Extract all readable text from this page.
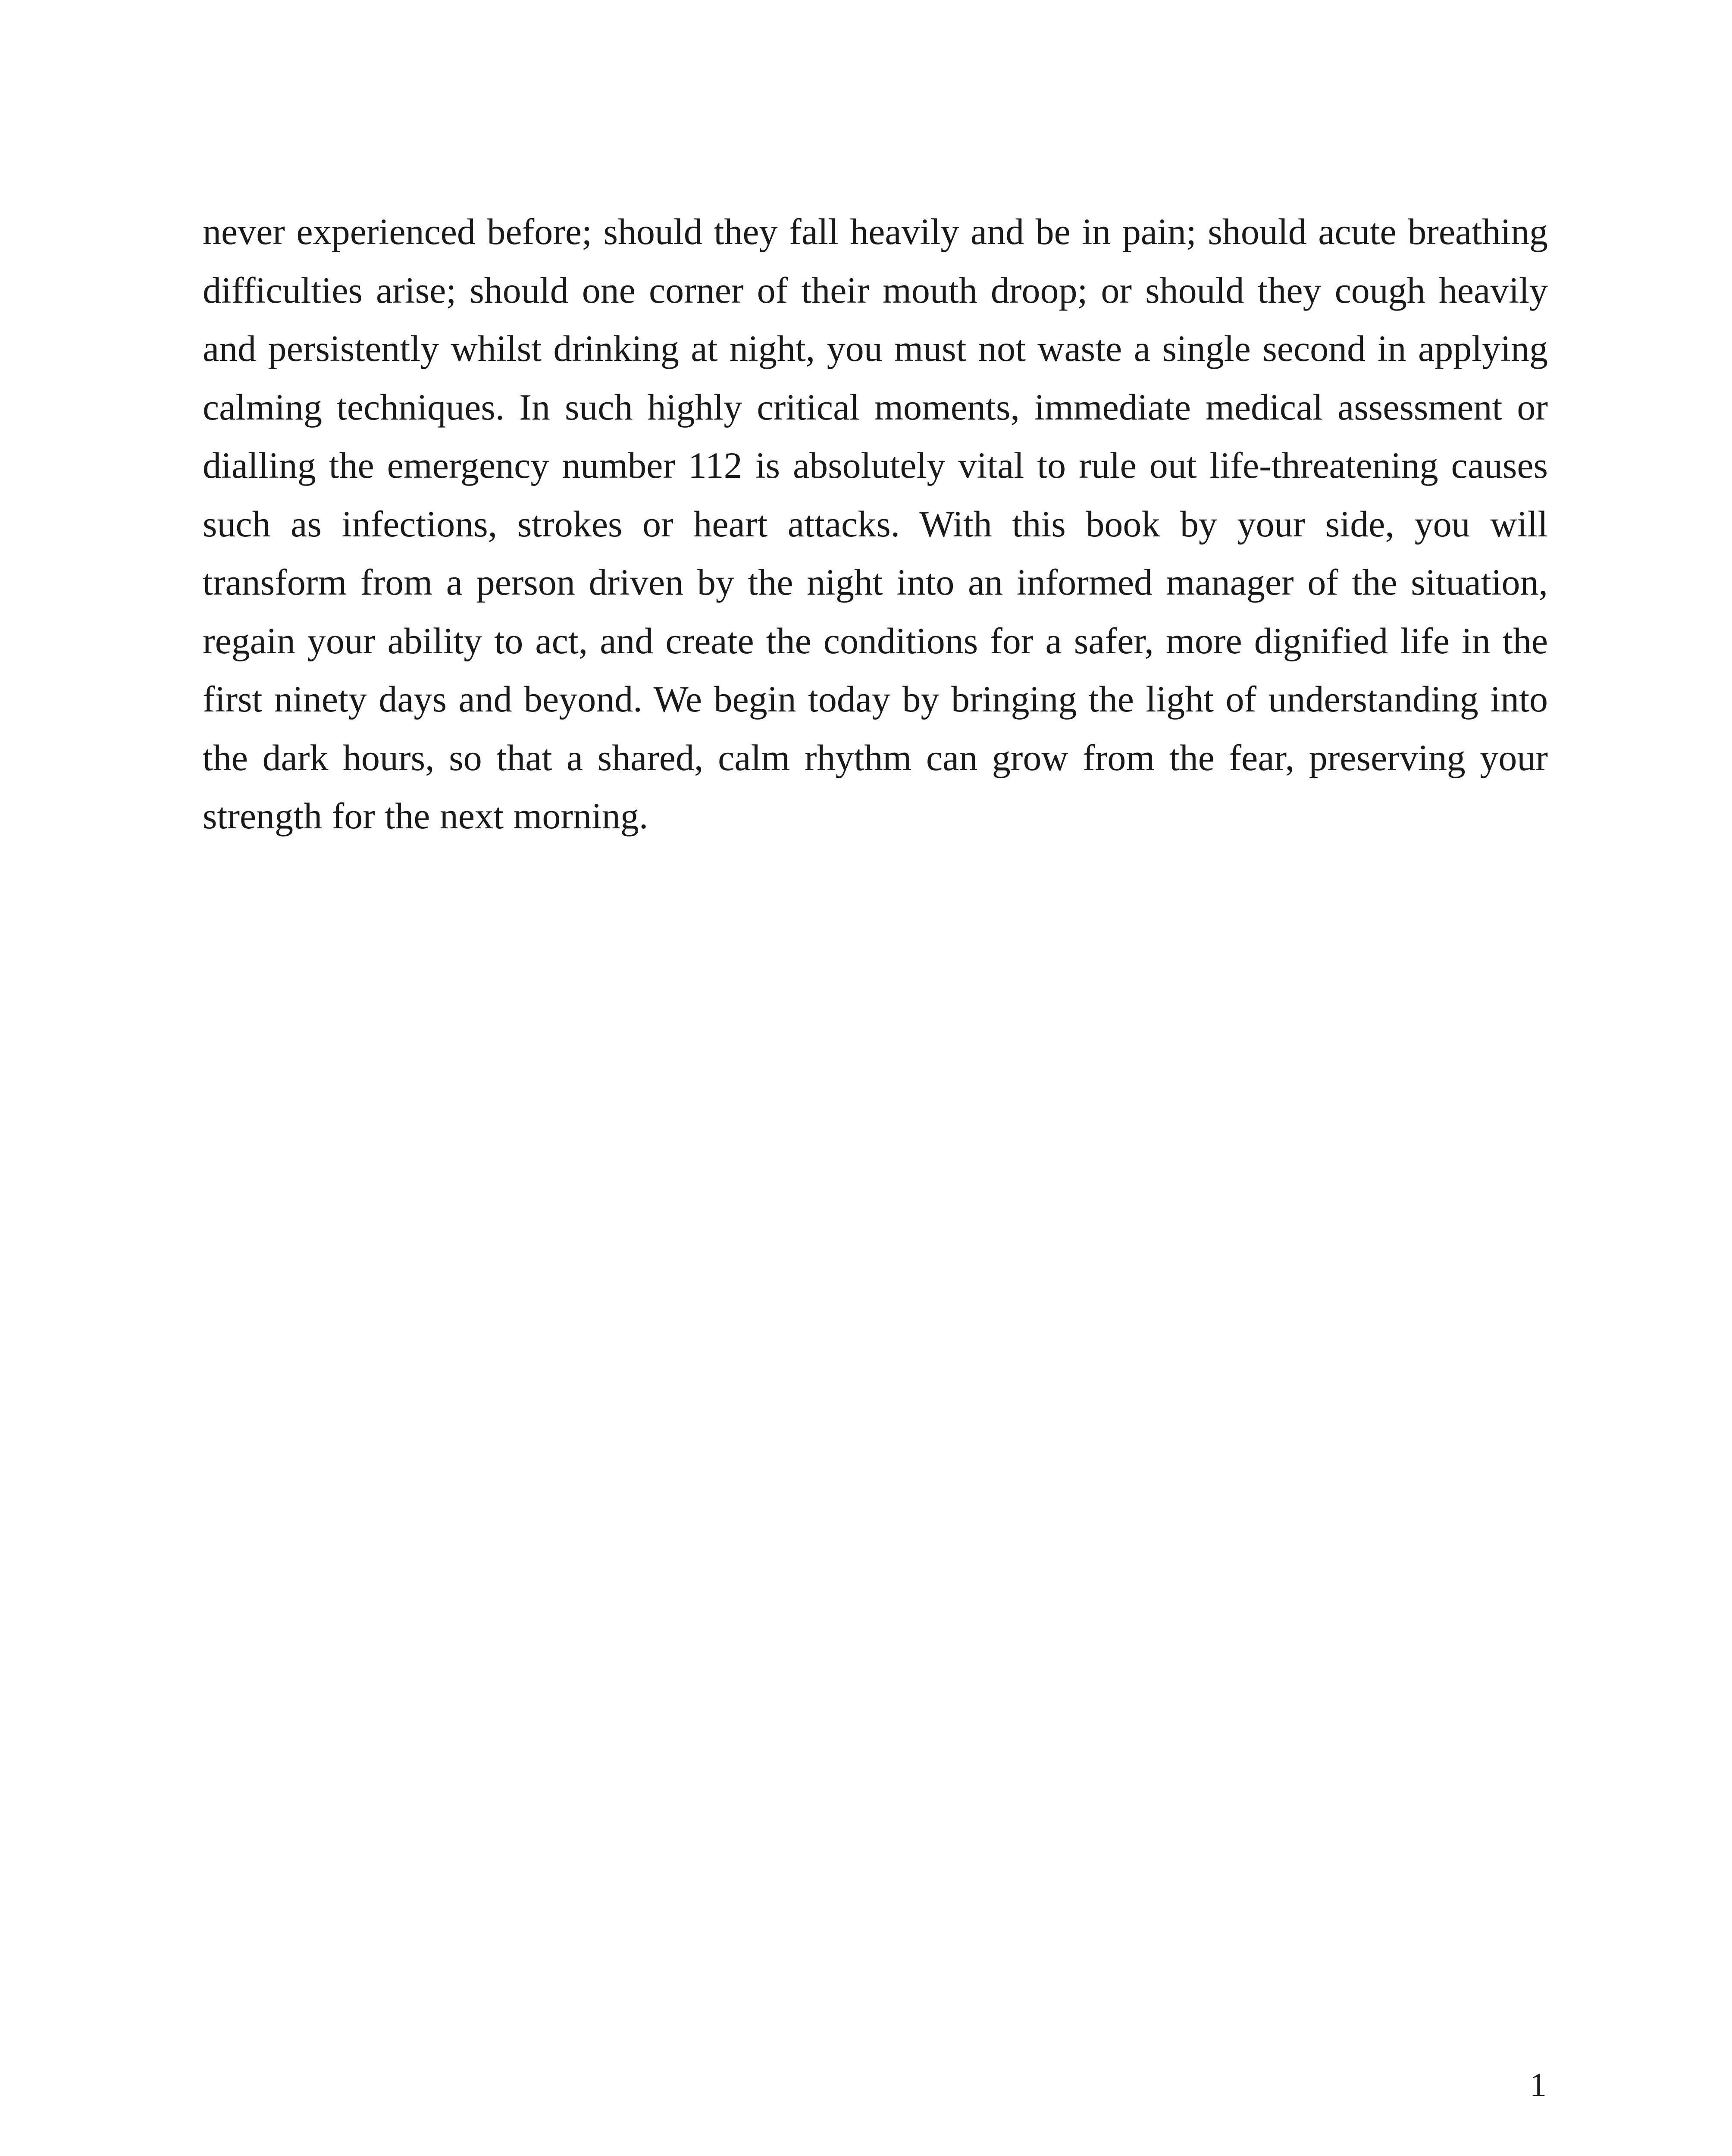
never experienced before; should they fall heavily and be in pain; should acute breathing difficulties arise; should one corner of their mouth droop; or should they cough heavily and persistently whilst drinking at night, you must not waste a single second in applying calming techniques. In such highly critical moments, immediate medical assessment or dialling the emergency number 112 is absolutely vital to rule out life-threatening causes such as infections, strokes or heart attacks. With this book by your side, you will transform from a person driven by the night into an informed manager of the situation, regain your ability to act, and create the conditions for a safer, more dignified life in the first ninety days and beyond. We begin today by bringing the light of understanding into the dark hours, so that a shared, calm rhythm can grow from the fear, preserving your strength for the next morning.

1
